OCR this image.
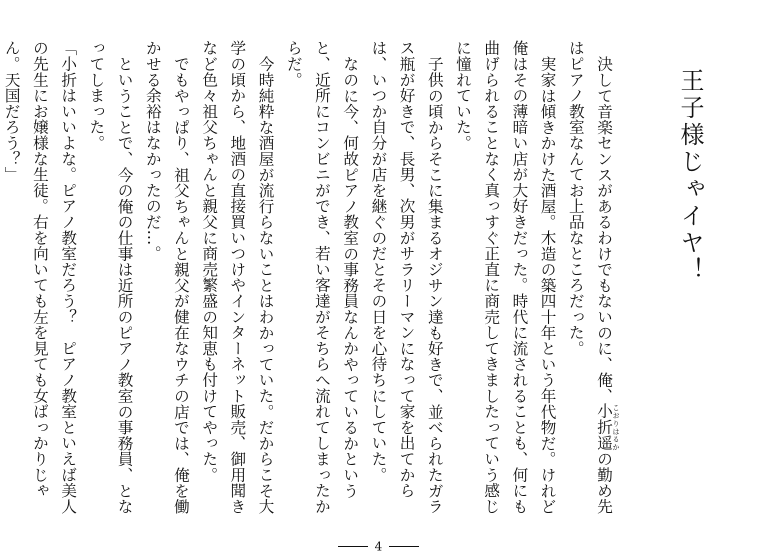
王子様じゃイヤ！

決して音楽センスがあるわけでもないのに、俺、小折遥 こおりはるかの勤め先はピアノ教室なんてお上品なところだった。

実家は傾きかけた酒屋。木造の築四十年という年代物だ。けれど俺はその薄暗い店が大好きだった。時代に流されることも、何にも曲げられることなく真っすぐ正直に商売してきましたっていう感じに憧れていた。

子供の頃からそこに集まるオジサン達も好きで、並べられたガラス瓶が好きで、長男、次男がサラリーマンになって家を出てからは、いつか自分が店を継ぐのだとその日を心待ちにしていた。

なのに今、何故ピアノ教室の事務員なんかやっているかというと、近所にコンビニができ、若い客達がそちらへ流れてしまったからだ。

今時純粋な酒屋が流行らないことはわかっていた。だからこそ大学の頃から、地酒の直接買いつけやインターネット販売、御用聞きなど色々祖父ちゃんと親父に商売繁盛の知恵も付けてやった。

でもやっぱり、祖父ちゃんと親父が健在なウチの店では、俺を働かせる余裕はなかったのだ…。

ということで、今の俺の仕事は近所のピアノ教室の事務員、となってしまった。

「小折はいいよな。ピアノ教室だろう？　ピアノ教室といえば美人の先生にお嬢様な生徒。右を向いても左を見ても女ばっかりじゃん。天国だろう？」

4
